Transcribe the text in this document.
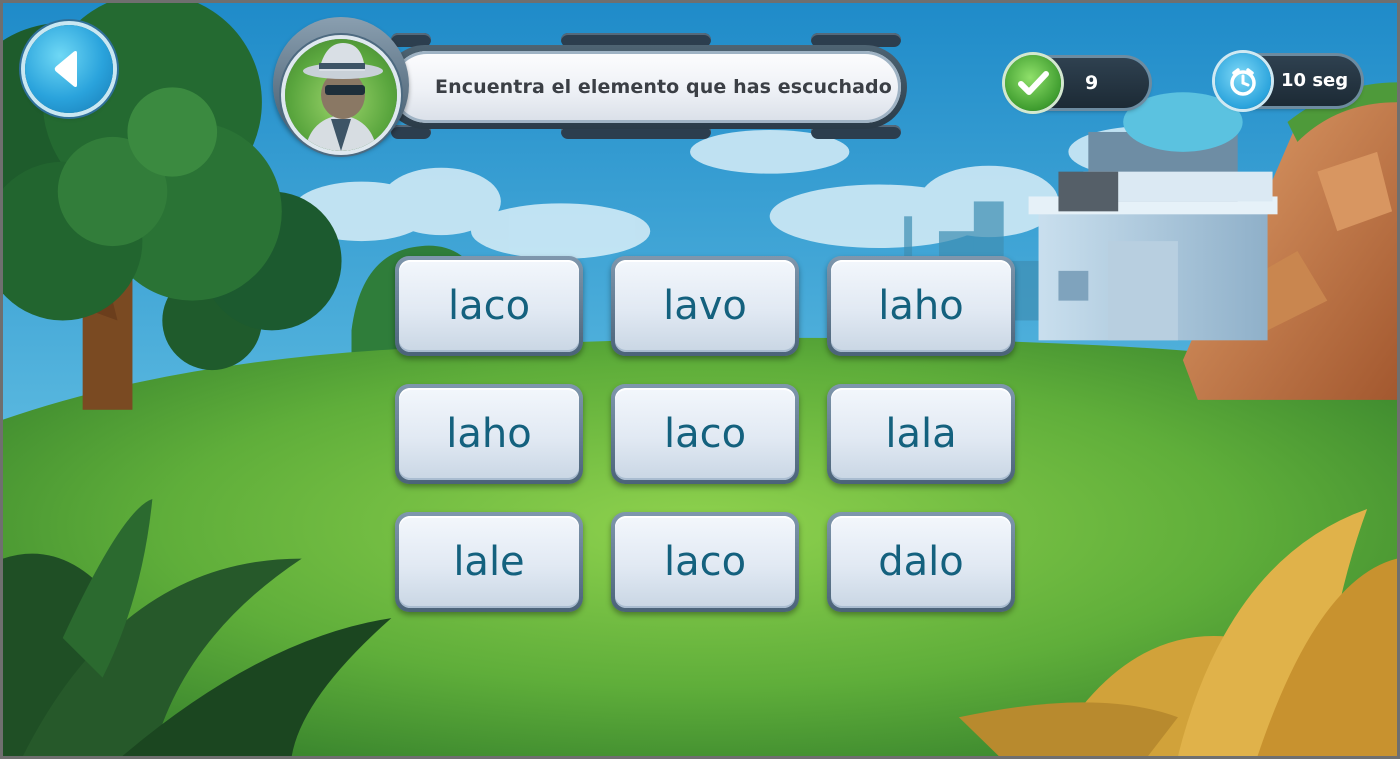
Encuentra el elemento que has escuchado	9	10 seg
laco	lavo	laho
laho	laco	lala
lale	laco	dalo
